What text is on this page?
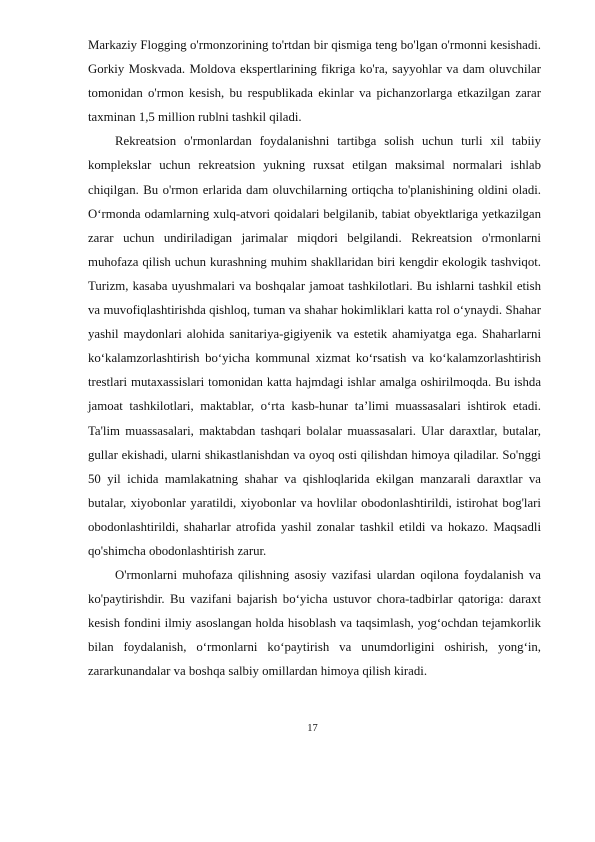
Markaziy Flogging o'rmonzorining to'rtdan bir qismiga teng bo'lgan o'rmonni kesishadi. Gorkiy Moskvada. Moldova ekspertlarining fikriga ko'ra, sayyohlar va dam oluvchilar tomonidan o'rmon kesish, bu respublikada ekinlar va pichanzorlarga etkazilgan zarar taxminan 1,5 million rublni tashkil qiladi.

Rekreatsion o'rmonlardan foydalanishni tartibga solish uchun turli xil tabiiy komplekslar uchun rekreatsion yukning ruxsat etilgan maksimal normalari ishlab chiqilgan. Bu o'rmon erlarida dam oluvchilarning ortiqcha to'planishining oldini oladi. O‘rmonda odamlarning xulq-atvori qoidalari belgilanib, tabiat obyektlariga yetkazilgan zarar uchun undiriladigan jarimalar miqdori belgilandi. Rekreatsion o'rmonlarni muhofaza qilish uchun kurashning muhim shakllaridan biri kengdir ekologik tashviqot. Turizm, kasaba uyushmalari va boshqalar jamoat tashkilotlari. Bu ishlarni tashkil etish va muvofiqlashtirishda qishloq, tuman va shahar hokimliklari katta rol o‘ynaydi. Shahar yashil maydonlari alohida sanitariya-gigiyenik va estetik ahamiyatga ega. Shaharlarni ko‘kalamzorlashtirish bo‘yicha kommunal xizmat ko‘rsatish va ko‘kalamzorlashtirish trestlari mutaxassislari tomonidan katta hajmdagi ishlar amalga oshirilmoqda. Bu ishda jamoat tashkilotlari, maktablar, o‘rta kasb-hunar ta’limi muassasalari ishtirok etadi. Ta'lim muassasalari, maktabdan tashqari bolalar muassasalari. Ular daraxtlar, butalar, gullar ekishadi, ularni shikastlanishdan va oyoq osti qilishdan himoya qiladilar. So'nggi 50 yil ichida mamlakatning shahar va qishloqlarida ekilgan manzarali daraxtlar va butalar, xiyobonlar yaratildi, xiyobonlar va hovlilar obodonlashtirildi, istirohat bog'lari obodonlashtirildi, shaharlar atrofida yashil zonalar tashkil etildi va hokazo. Maqsadli qo'shimcha obodonlashtirish zarur.

O'rmonlarni muhofaza qilishning asosiy vazifasi ulardan oqilona foydalanish va ko'paytirishdir. Bu vazifani bajarish bo‘yicha ustuvor chora-tadbirlar qatoriga: daraxt kesish fondini ilmiy asoslangan holda hisoblash va taqsimlash, yog‘ochdan tejamkorlik bilan foydalanish, o‘rmonlarni ko‘paytirish va unumdorligini oshirish, yong‘in, zararkunandalar va boshqa salbiy omillardan himoya qilish kiradi.

17
